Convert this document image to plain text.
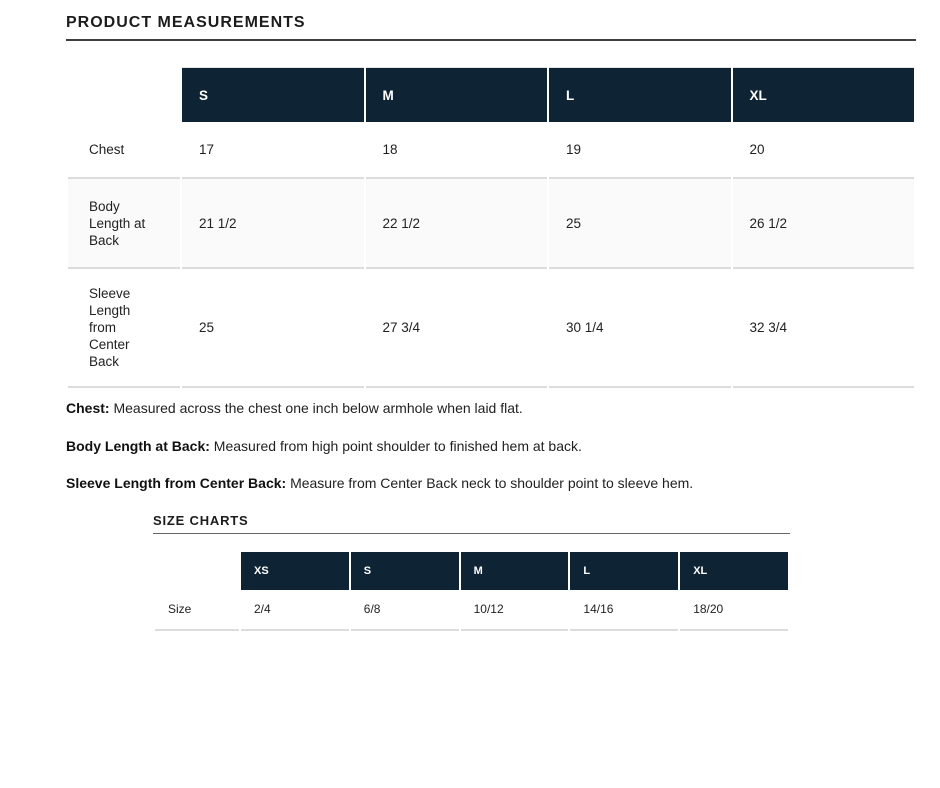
PRODUCT MEASUREMENTS
	S	M	L	XL
Chest	17	18	19	20
Body Length at Back	21 1/2	22 1/2	25	26 1/2
Sleeve Length from Center Back	25	27 3/4	30 1/4	32 3/4

Chest: Measured across the chest one inch below armhole when laid flat.

Body Length at Back: Measured from high point shoulder to finished hem at back.

Sleeve Length from Center Back: Measure from Center Back neck to shoulder point to sleeve hem.

SIZE CHARTS
	XS	S	M	L	XL
Size	2/4	6/8	10/12	14/16	18/20
